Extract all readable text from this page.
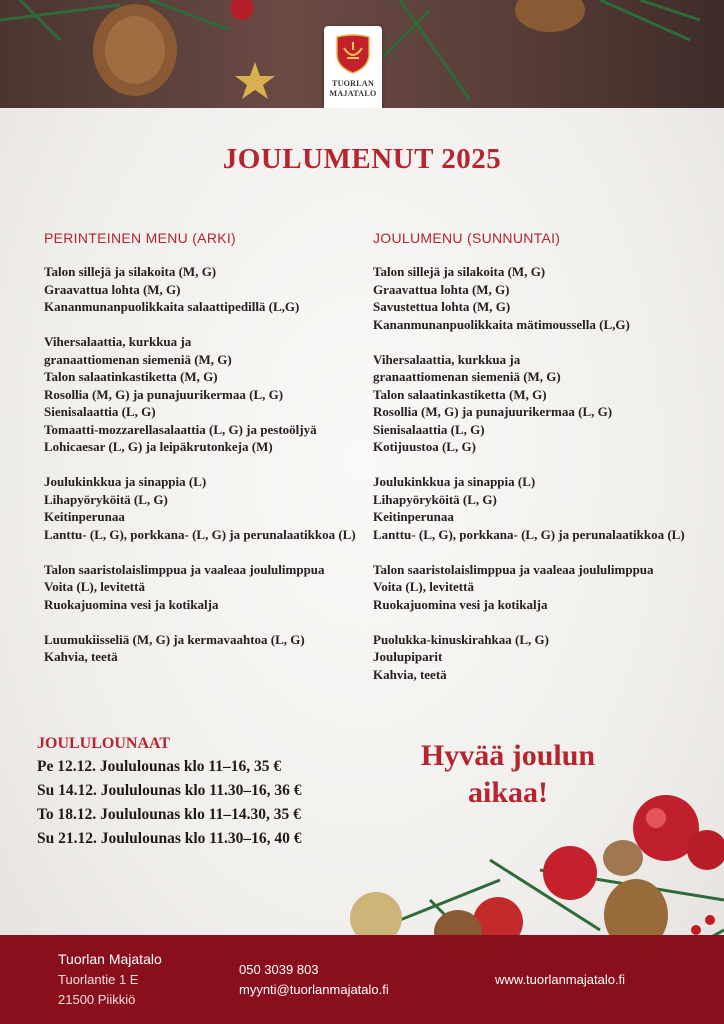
TUORLAN
MAJATALO
JOULUMENUT 2025
PERINTEINEN MENU (ARKI)
Talon sillejä ja silakoita (M, G)
Graavattua lohta (M, G)
Kananmunanpuolikkaita salaattipedillä (L,G)
Vihersalaattia, kurkkua ja
granaattiomenan siemeniä (M, G)
Talon salaatinkastiketta (M, G)
Rosollia (M, G) ja punajuurikermaa (L, G)
Sienisalaattia (L, G)
Tomaatti-mozzarellasalaattia (L, G) ja pestoöljyä
Lohicaesar (L, G) ja leipäkrutonkeja (M)
Joulukinkkua ja sinappia (L)
Lihapyöryköitä (L, G)
Keitinperunaa
Lanttu- (L, G), porkkana- (L, G) ja perunalaatikkoa (L)
Talon saaristolaislimppua ja vaaleaa joululimppua
Voita (L), levitettä
Ruokajuomina vesi ja kotikalja
Luumukiisseliä (M, G) ja kermavaahtoa (L, G)
Kahvia, teetä
JOULUMENU (SUNNUNTAI)
Talon sillejä ja silakoita (M, G)
Graavattua lohta (M, G)
Savustettua lohta (M, G)
Kananmunanpuolikkaita mätimoussella (L,G)
Vihersalaattia, kurkkua ja
granaattiomenan siemeniä (M, G)
Talon salaatinkastiketta (M, G)
Rosollia (M, G) ja punajuurikermaa (L, G)
Sienisalaattia (L, G)
Kotijuustoa (L, G)
Joulukinkkua ja sinappia (L)
Lihapyöryköitä (L, G)
Keitinperunaa
Lanttu- (L, G), porkkana- (L, G) ja perunalaatikkoa (L)
Talon saaristolaislimppua ja vaaleaa joululimppua
Voita (L), levitettä
Ruokajuomina vesi ja kotikalja
Puolukka-kinuskirahkaa (L, G)
Joulupiparit
Kahvia, teetä
JOULULOUNAAT
Pe 12.12. Joululounas klo 11–16, 35 €
Su 14.12. Joululounas klo 11.30–16, 36 €
To 18.12. Joululounas klo 11–14.30, 35 €
Su 21.12. Joululounas klo 11.30–16, 40 €
Hyvää joulun
aikaa!
Tuorlan Majatalo
Tuorlantie 1 E
21500 Piikkiö
050 3039 803
myynti@tuorlanmajatalo.fi
www.tuorlanmajatalo.fi
